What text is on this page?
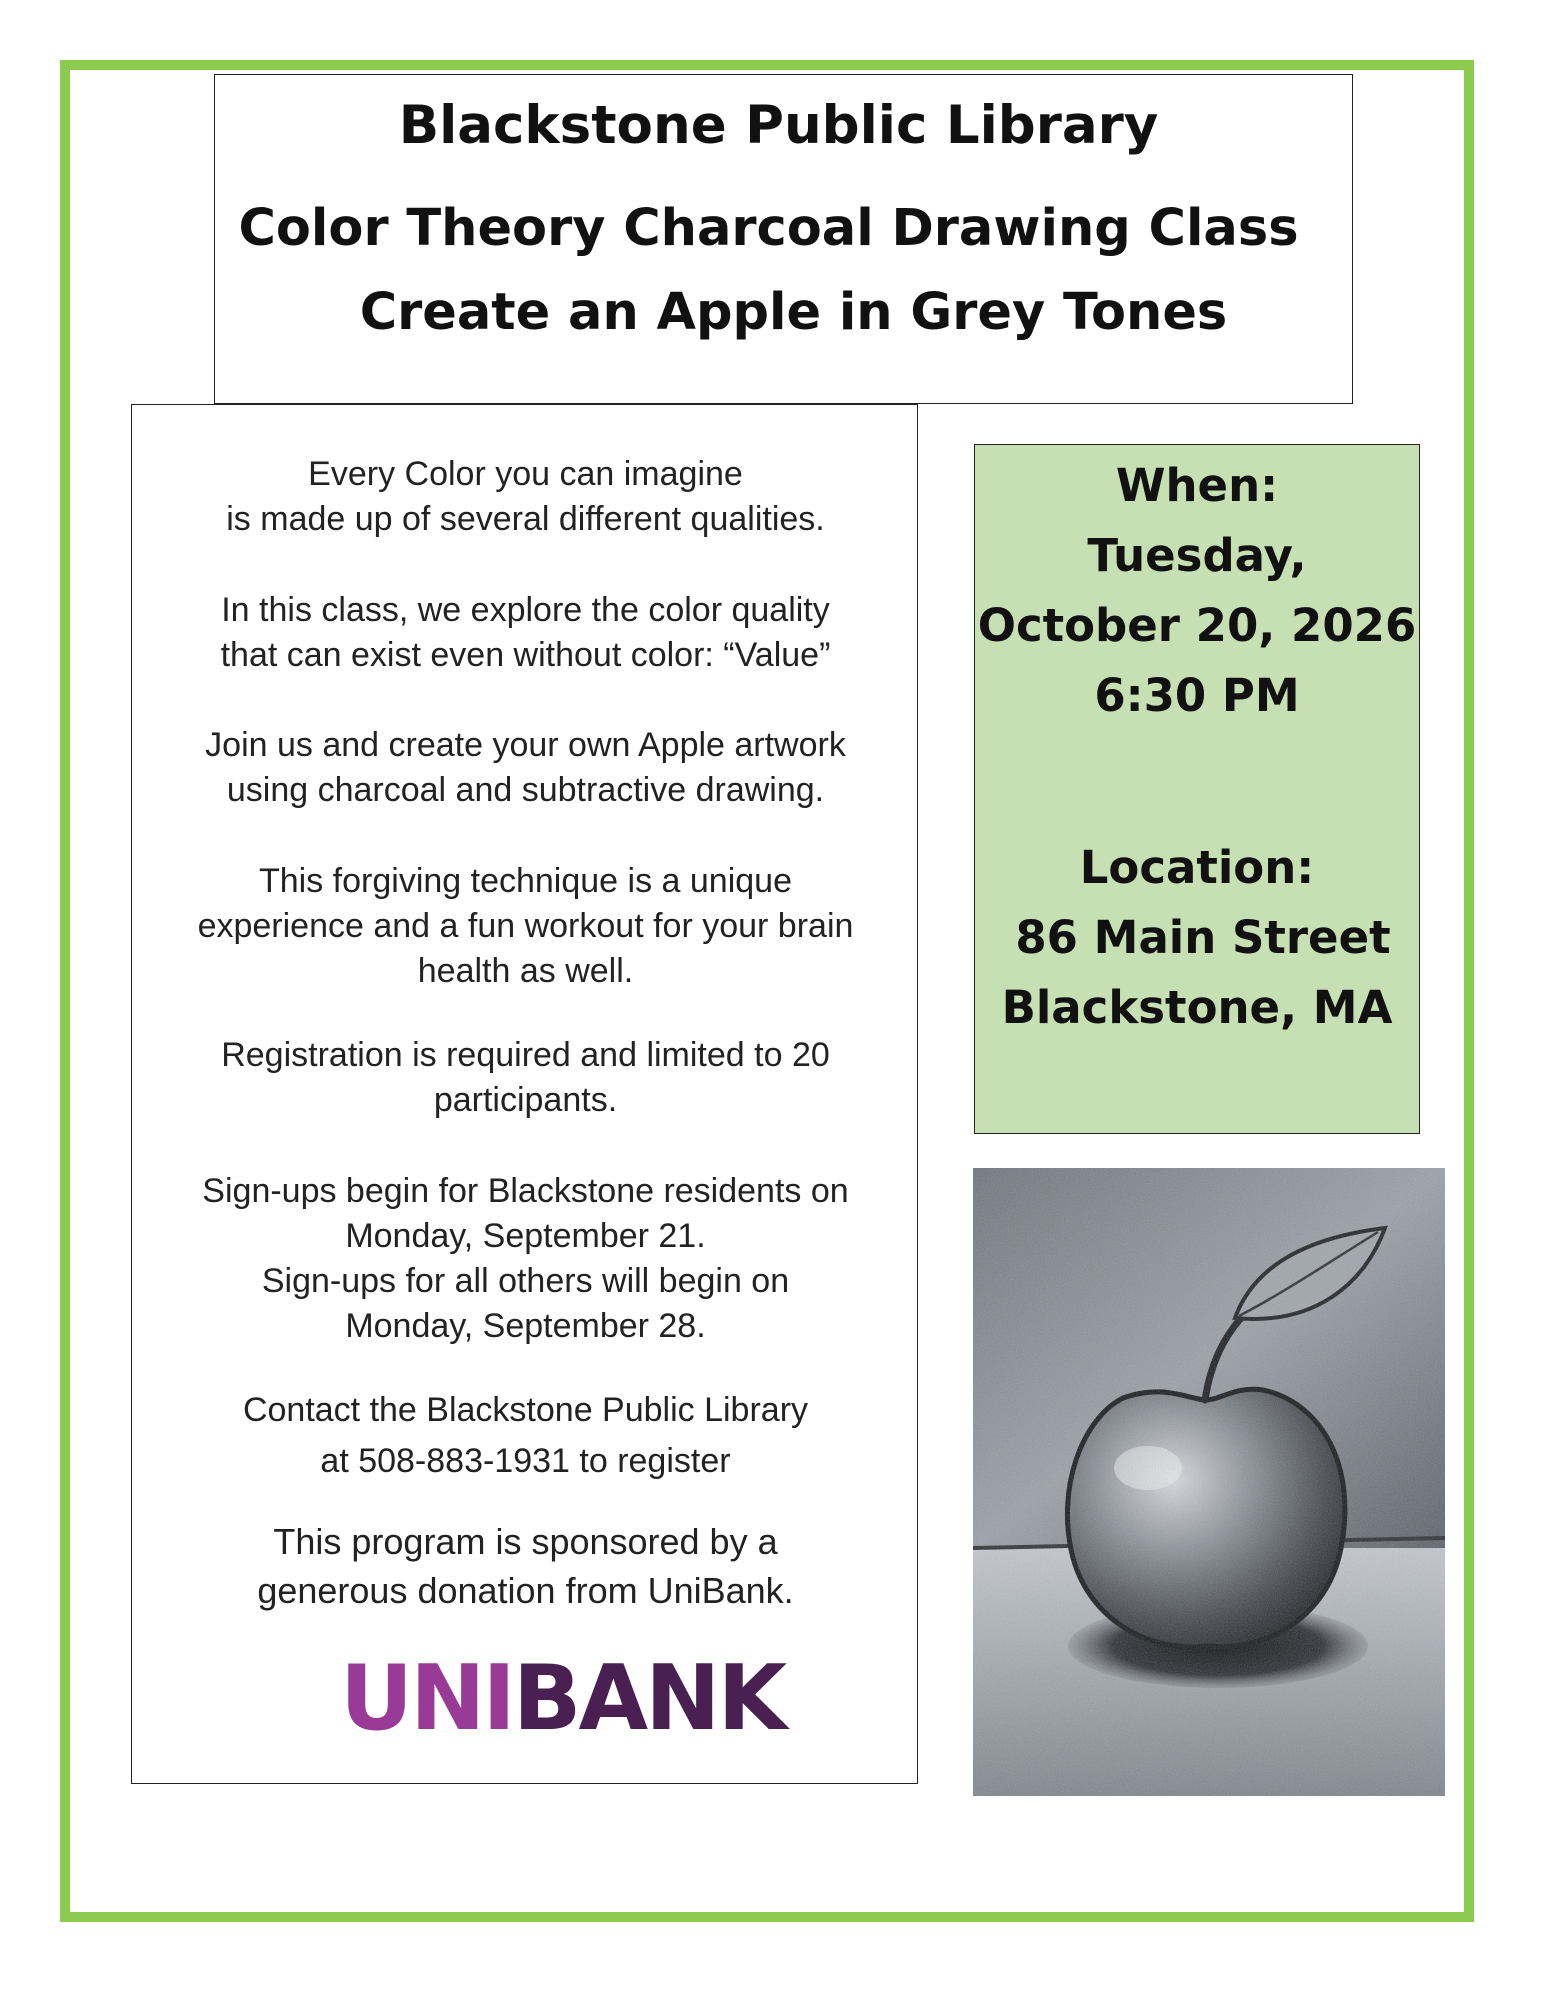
Blackstone Public Library

Color Theory Charcoal Drawing Class

Create an Apple in Grey Tones

Every Color you can imagine

is made up of several different qualities.

In this class, we explore the color quality

that can exist even without color: “Value”

Join us and create your own Apple artwork

using charcoal and subtractive drawing.

This forgiving technique is a unique

experience and a fun workout for your brain

health as well.

Registration is required and limited to 20

participants.

Sign-ups begin for Blackstone residents on

Monday, September 21.

Sign-ups for all others will begin on

Monday, September 28.

Contact the Blackstone Public Library

at 508-883-1931 to register

This program is sponsored by a

generous donation from UniBank.

UNIBANK

When:

Tuesday,

October 20, 2026

6:30 PM

Location:

86 Main Street

Blackstone, MA
